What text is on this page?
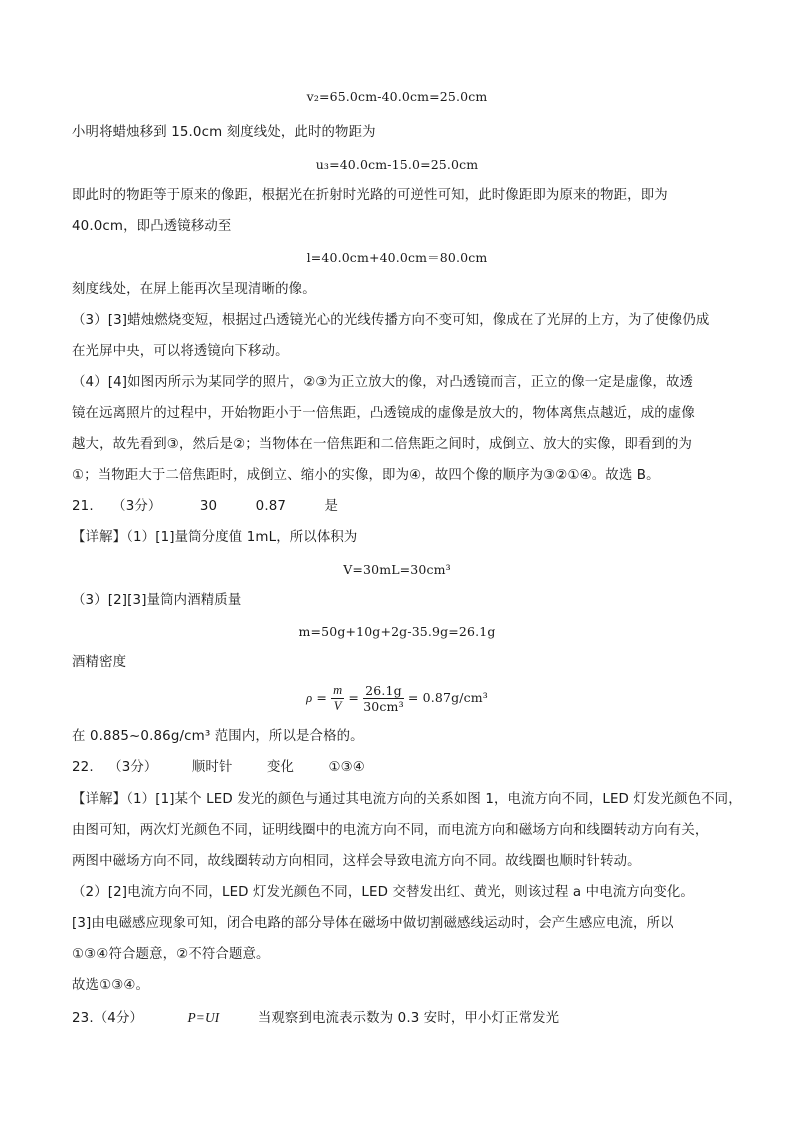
v₂=65.0cm-40.0cm=25.0cm
小明将蜡烛移到 15.0cm 刻度线处，此时的物距为
u₃=40.0cm-15.0=25.0cm
即此时的物距等于原来的像距，根据光在折射时光路的可逆性可知，此时像距即为原来的物距，即为
40.0cm，即凸透镜移动至
l=40.0cm+40.0cm＝80.0cm
刻度线处，在屏上能再次呈现清晰的像。
（3）[3]蜡烛燃烧变短，根据过凸透镜光心的光线传播方向不变可知，像成在了光屏的上方，为了使像仍成
在光屏中央，可以将透镜向下移动。
（4）[4]如图丙所示为某同学的照片，②③为正立放大的像，对凸透镜而言，正立的像一定是虚像，故透
镜在远离照片的过程中，开始物距小于一倍焦距，凸透镜成的虚像是放大的，物体离焦点越近，成的虚像
越大，故先看到③，然后是②；当物体在一倍焦距和二倍焦距之间时，成倒立、放大的实像，即看到的为
①；当物距大于二倍焦距时，成倒立、缩小的实像，即为④，故四个像的顺序为③②①④。故选 B。
21. （3分）	30	0.87	是
【详解】（1）[1]量筒分度值 1mL，所以体积为
V=30mL=30cm³
（3）[2][3]量筒内酒精质量
m=50g+10g+2g-35.9g=26.1g
酒精密度
$\rho = \frac{m}{V} = \frac{26.1g}{\text{30cm³}} = 0.87g/cm^3$
在 0.885~0.86g/cm³ 范围内，所以是合格的。
22. （3分）	顺时针	变化	①③④
【详解】（1）[1]某个 LED 发光的颜色与通过其电流方向的关系如图 1，电流方向不同，LED 灯发光颜色不同，
由图可知，两次灯光颜色不同，证明线圈中的电流方向不同，而电流方向和磁场方向和线圈转动方向有关，
两图中磁场方向不同，故线圈转动方向相同，这样会导致电流方向不同。故线圈也顺时针转动。
（2）[2]电流方向不同，LED 灯发光颜色不同，LED 交替发出红、黄光，则该过程 a 中电流方向变化。
[3]由电磁感应现象可知，闭合电路的部分导体在磁场中做切割磁感线运动时，会产生感应电流，所以
①③④符合题意，②不符合题意。
故选①③④。
23.（4分）	P=UI	当观察到电流表示数为 0.3 安时，甲小灯正常发光
